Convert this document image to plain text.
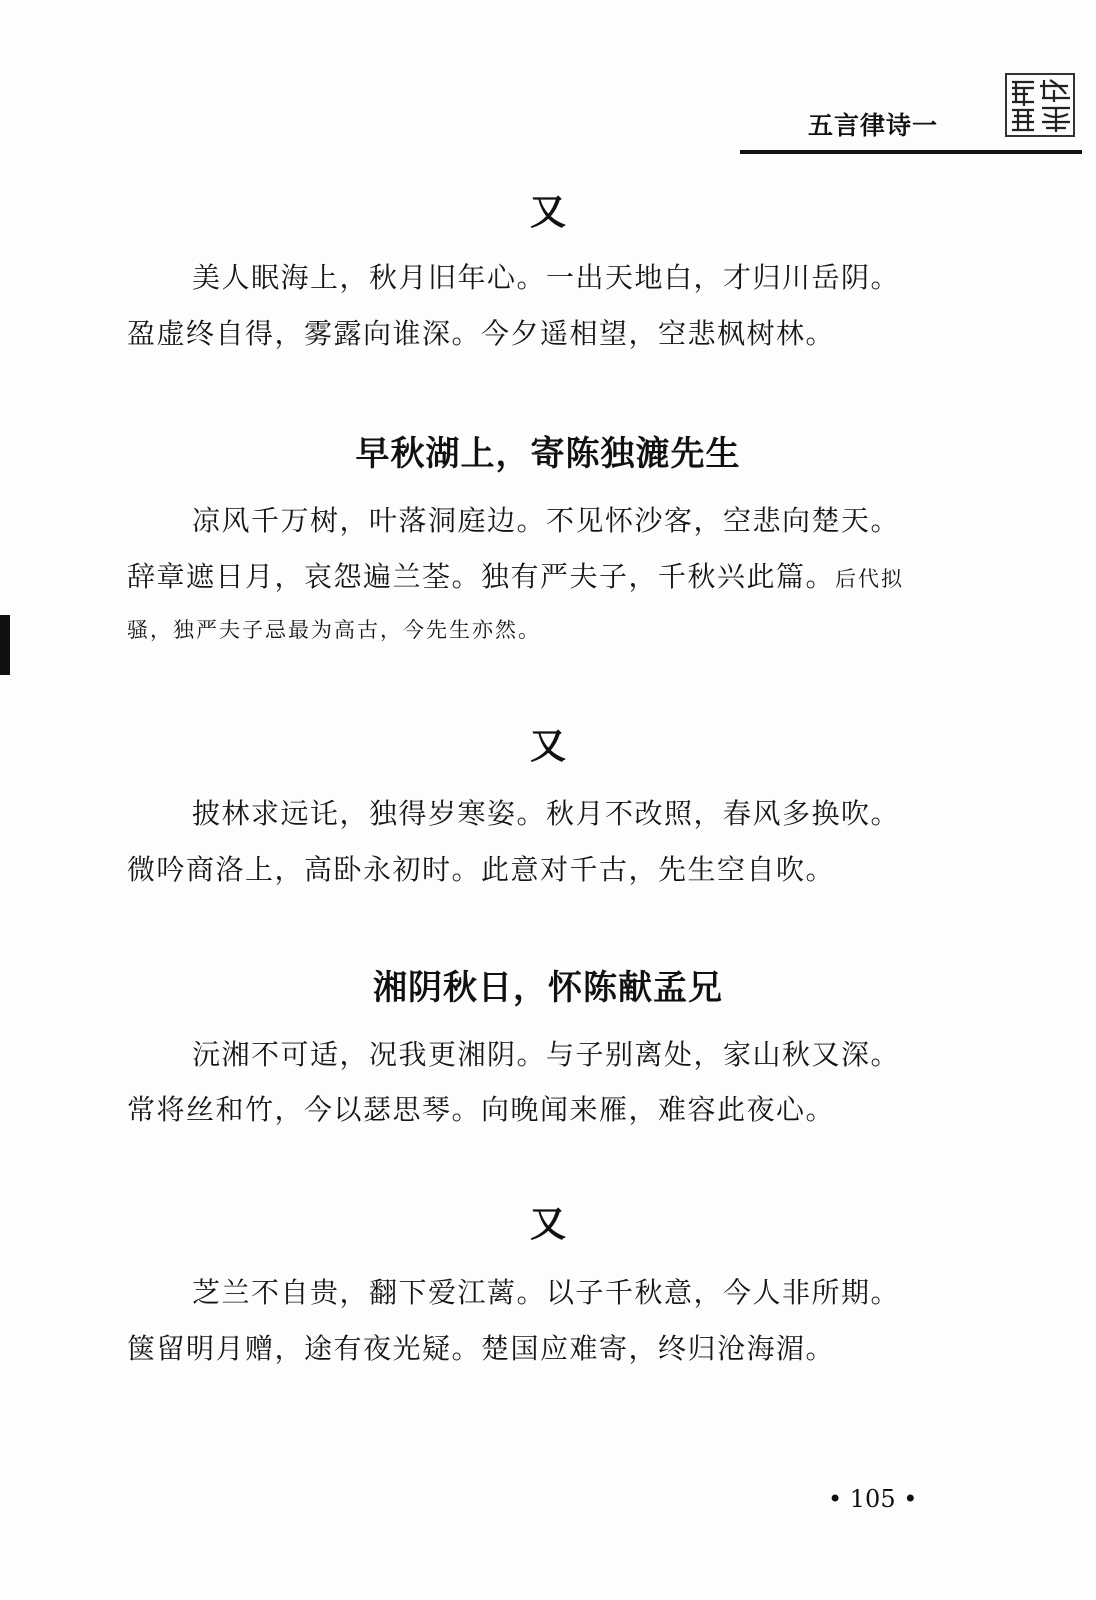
五言律诗一
又
美人眠海上，秋月旧年心。一出天地白，才归川岳阴。
盈虚终自得，雾露向谁深。今夕遥相望，空悲枫树林。
早秋湖上，寄陈独漉先生
凉风千万树，叶落洞庭边。不见怀沙客，空悲向楚天。
辞章遮日月，哀怨遍兰荃。独有严夫子，千秋兴此篇。后代拟
骚，独严夫子忌最为高古，今先生亦然。
又
披林求远讬，独得岁寒姿。秋月不改照，春风多换吹。
微吟商洛上，高卧永初时。此意对千古，先生空自吹。
湘阴秋日，怀陈献孟兄
沅湘不可适，况我更湘阴。与子别离处，家山秋又深。
常将丝和竹，今以瑟思琴。向晚闻来雁，难容此夜心。
又
芝兰不自贵，翻下爱江蓠。以子千秋意，今人非所期。
箧留明月赠，途有夜光疑。楚国应难寄，终归沧海湄。
• 105 •
